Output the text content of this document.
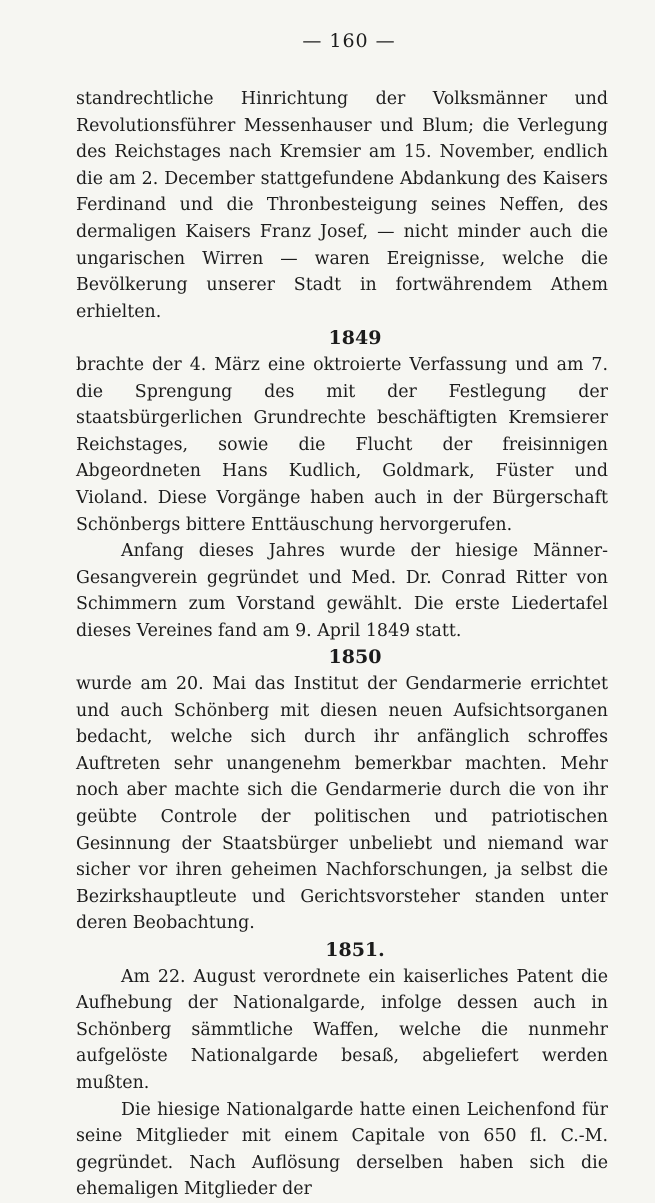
— 160 —

standrechtliche Hinrichtung der Volksmänner und Revolutionsführer Messenhauser und Blum; die Verlegung des Reichstages nach Kremsier am 15. November, endlich die am 2. December stattgefundene Abdankung des Kaisers Ferdinand und die Thronbesteigung seines Neffen, des dermaligen Kaisers Franz Josef, — nicht minder auch die ungarischen Wirren — waren Ereignisse, welche die Bevölkerung unserer Stadt in fortwährendem Athem erhielten.

1849

brachte der 4. März eine oktroierte Verfassung und am 7. die Sprengung des mit der Festlegung der staatsbürgerlichen Grundrechte beschäftigten Kremsierer Reichstages, sowie die Flucht der freisinnigen Abgeordneten Hans Kudlich, Goldmark, Füster und Violand. Diese Vorgänge haben auch in der Bürgerschaft Schönbergs bittere Enttäuschung hervorgerufen.

Anfang dieses Jahres wurde der hiesige Männer-Gesangverein gegründet und Med. Dr. Conrad Ritter von Schimmern zum Vorstand gewählt. Die erste Liedertafel dieses Vereines fand am 9. April 1849 statt.

1850

wurde am 20. Mai das Institut der Gendarmerie errichtet und auch Schönberg mit diesen neuen Aufsichtsorganen bedacht, welche sich durch ihr anfänglich schroffes Auftreten sehr unangenehm bemerkbar machten. Mehr noch aber machte sich die Gendarmerie durch die von ihr geübte Controle der politischen und patriotischen Gesinnung der Staatsbürger unbeliebt und niemand war sicher vor ihren geheimen Nachforschungen, ja selbst die Bezirkshauptleute und Gerichtsvorsteher standen unter deren Beobachtung.

1851.

Am 22. August verordnete ein kaiserliches Patent die Aufhebung der Nationalgarde, infolge dessen auch in Schönberg sämmtliche Waffen, welche die nunmehr aufgelöste Nationalgarde besaß, abgeliefert werden mußten.

Die hiesige Nationalgarde hatte einen Leichenfond für seine Mitglieder mit einem Capitale von 650 fl. C.-M. gegründet. Nach Auflösung derselben haben sich die ehemaligen Mitglieder der
